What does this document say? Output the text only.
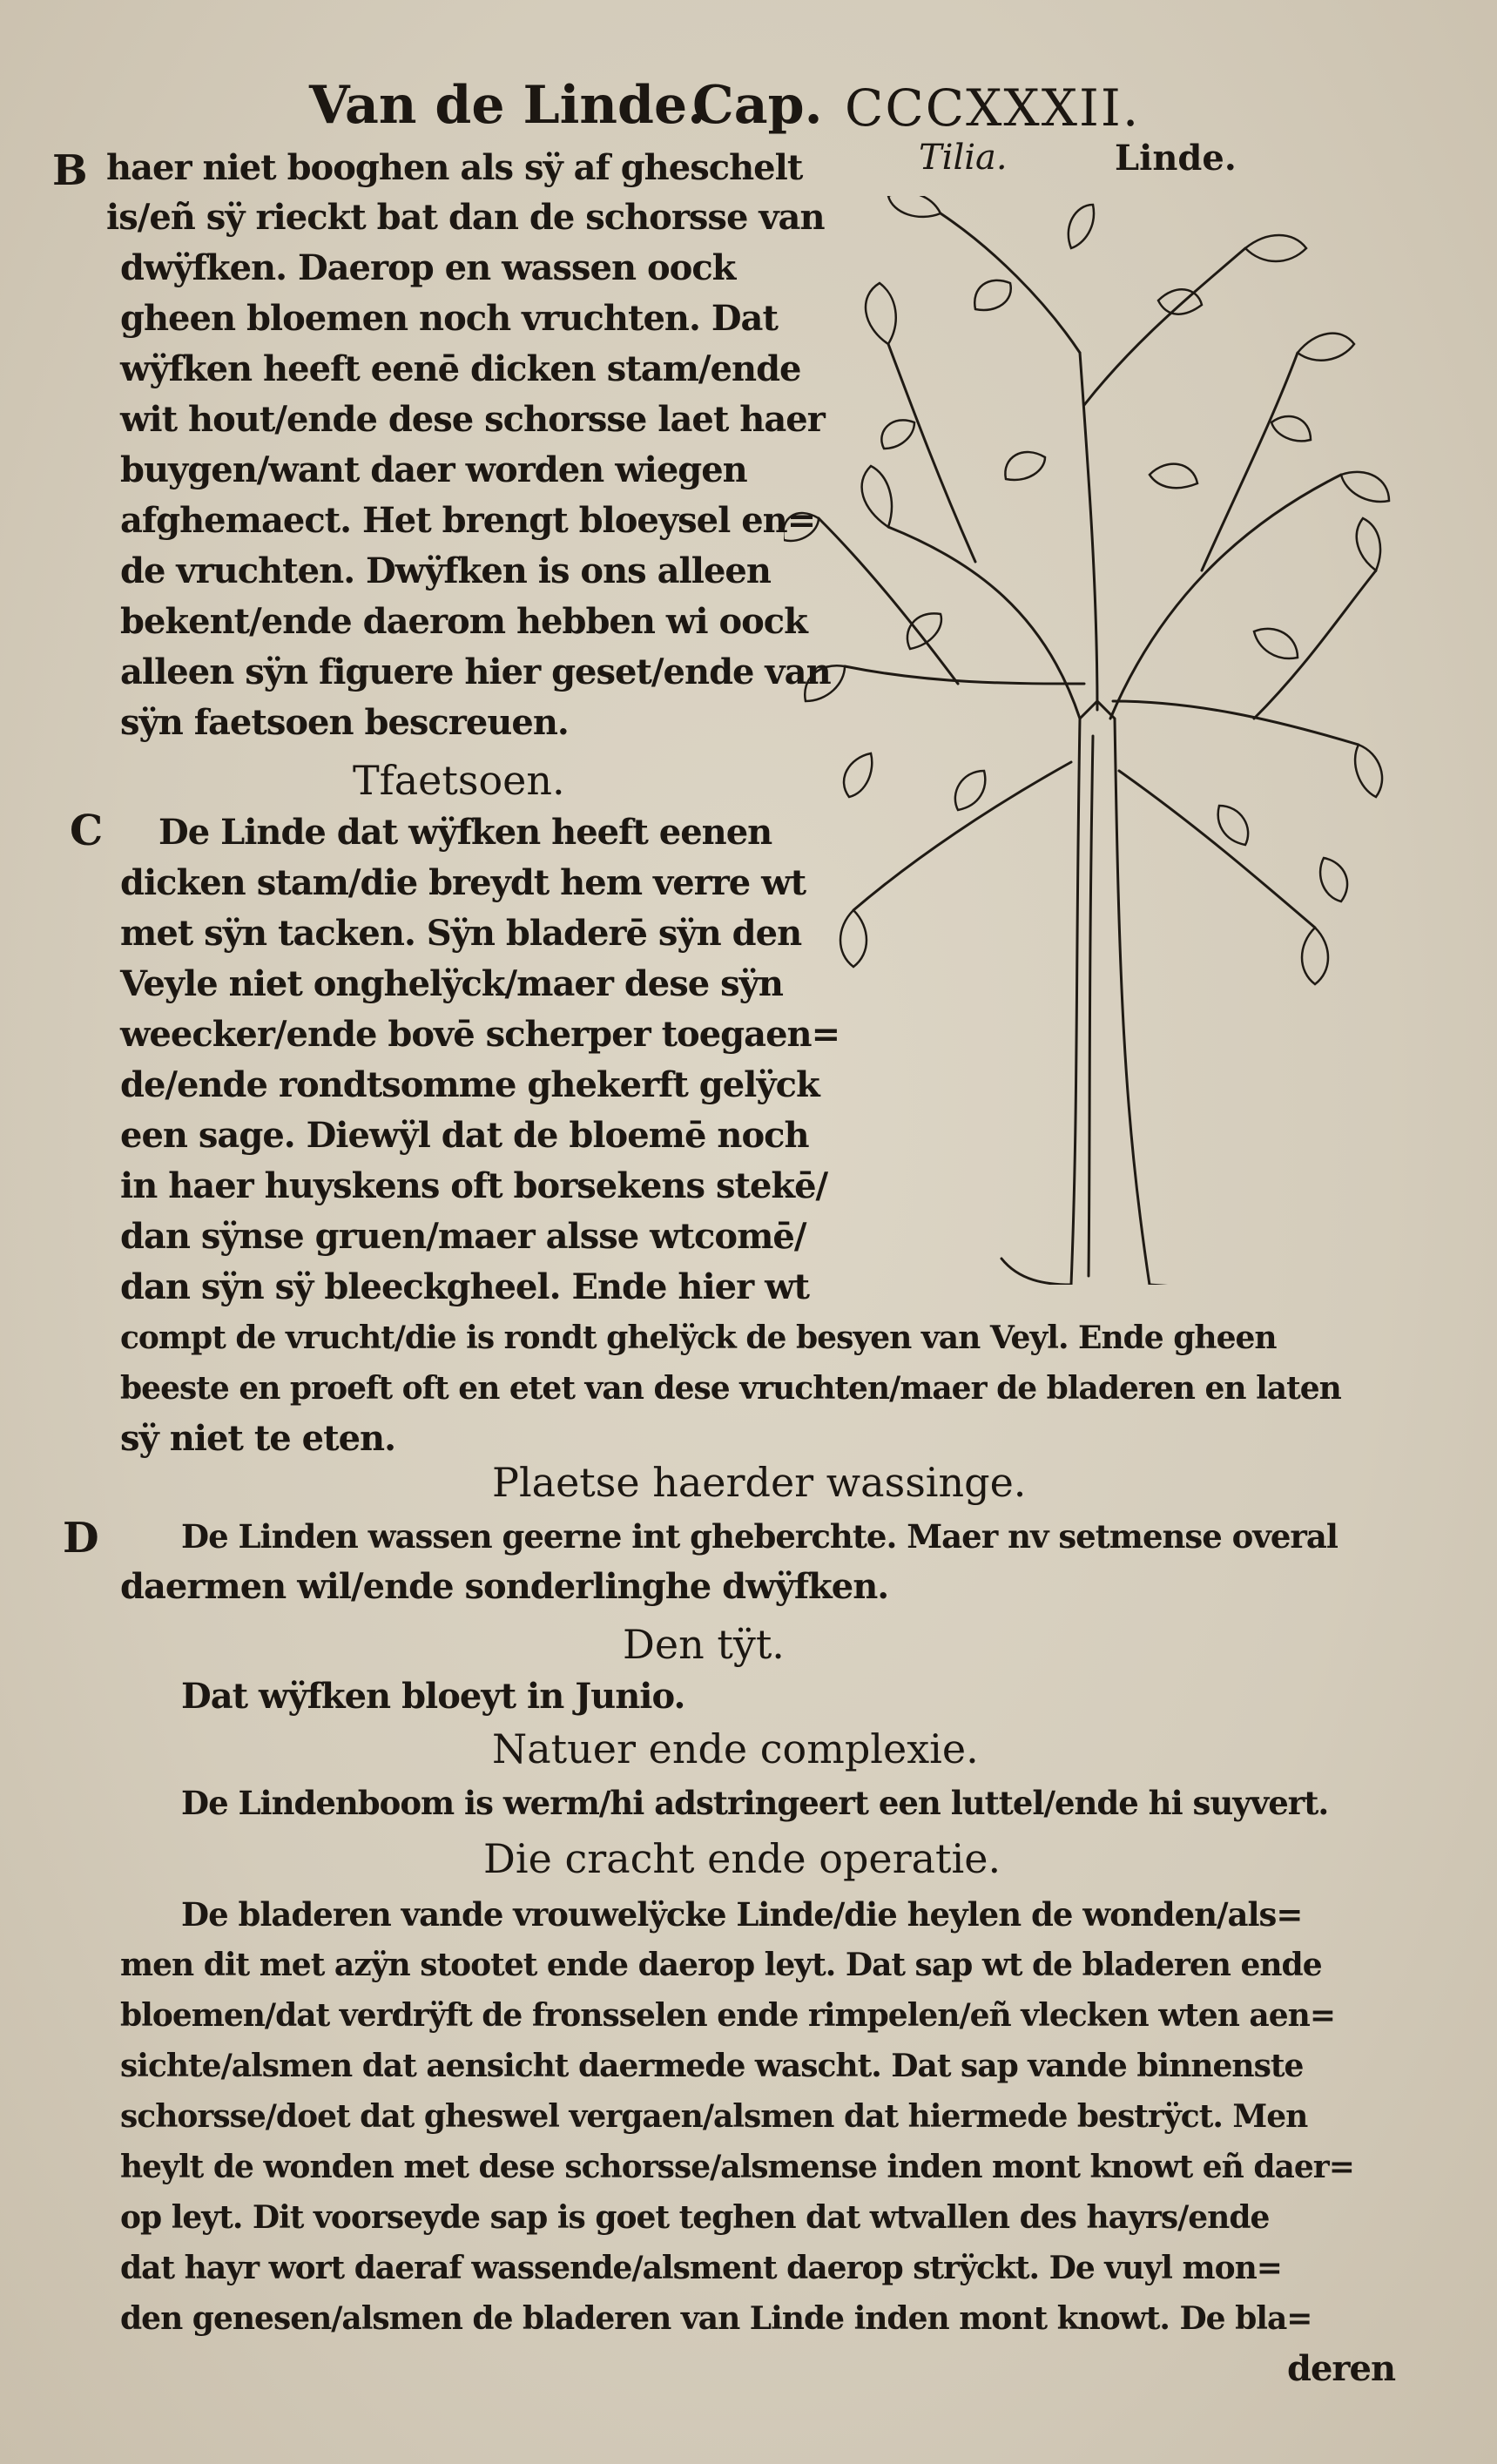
Van de Linde.
Cap. CCCXXXII.
Tilia.	Linde.
B haer niet booghen als sÿ af gheschelt
is/eñ sÿ rieckt bat dan de schorsse van
dwÿfken. Daerop en wassen oock
gheen bloemen noch vruchten. Dat
wÿfken heeft eenē dicken stam/ende
wit hout/ende dese schorsse laet haer
buygen/want daer worden wiegen
afghemaect. Het brengt bloeysel en=
de vruchten. Dwÿfken is ons alleen
bekent/ende daerom hebben wi oock
alleen sÿn figuere hier geset/ende van
sÿn faetsoen bescreuen.
Tfaetsoen.
C De Linde dat wÿfken heeft eenen
dicken stam/die breydt hem verre wt
met sÿn tacken. Sÿn bladerē sÿn den
Veyle niet onghelÿck/maer dese sÿn
weecker/ende bovē scherper toegaen=
de/ende rondtsomme ghekerft gelÿck
een sage. Diewÿl dat de bloemē noch
in haer huyskens oft borsekens stekē/
dan sÿnse gruen/maer alsse wtcomē/
dan sÿn sÿ bleeckgheel. Ende hier wt
compt de vrucht/die is rondt ghelÿck de besyen van Veyl. Ende gheen
beeste en proeft oft en etet van dese vruchten/maer de bladeren en laten
sÿ niet te eten.
Plaetse haerder wassinge.
D	De Linden wassen geerne int gheberchte. Maer nv setmense overal
daermen wil/ende sonderlinghe dwÿfken.
Den tÿt.
Dat wÿfken bloeyt in Junio.
Natuer ende complexie.
De Lindenboom is werm/hi adstringeert een luttel/ende hi suyvert.
Die cracht ende operatie.
De bladeren vande vrouwelÿcke Linde/die heylen de wonden/als=
men dit met azÿn stootet ende daerop leyt. Dat sap wt de bladeren ende
bloemen/dat verdrÿft de fronsselen ende rimpelen/eñ vlecken wten aen=
sichte/alsmen dat aensicht daermede wascht. Dat sap vande binnenste
schorsse/doet dat gheswel vergaen/alsmen dat hiermede bestrÿct. Men
heylt de wonden met dese schorsse/alsmense inden mont knowt eñ daer=
op leyt. Dit voorseyde sap is goet teghen dat wtvallen des hayrs/ende
dat hayr wort daeraf wassende/alsment daerop strÿckt. De vuyl mon=
den genesen/alsmen de bladeren van Linde inden mont knowt. De bla=
deren
